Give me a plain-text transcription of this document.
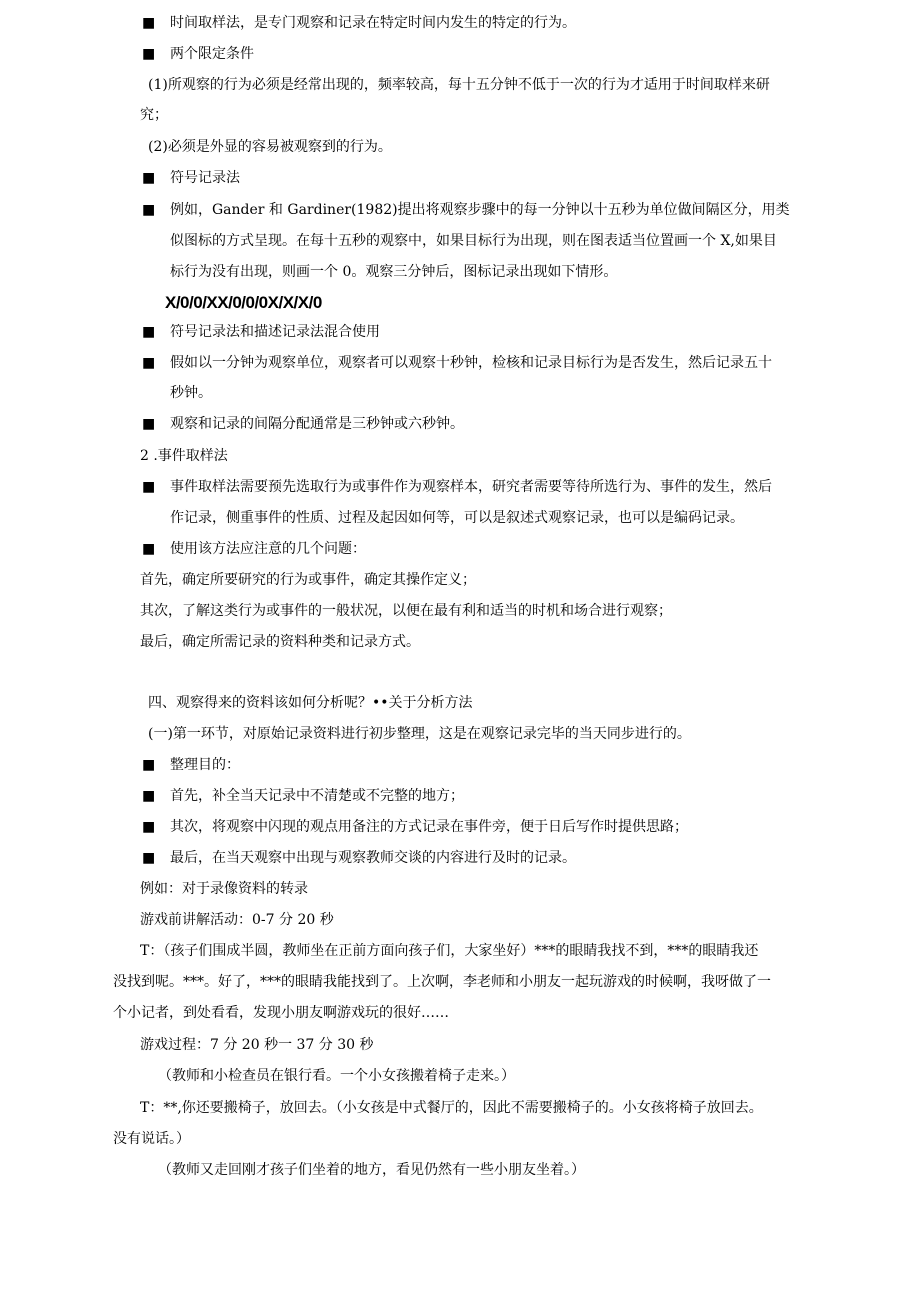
■ 时间取样法，是专门观察和记录在特定时间内发生的特定的行为。
■ 两个限定条件
(1)所观察的行为必须是经常出现的，频率较高，每十五分钟不低于一次的行为才适用于时间取样来研
究；
(2)必须是外显的容易被观察到的行为。
■ 符号记录法
■ 例如，Gander 和 Gardiner(1982)提出将观察步骤中的每一分钟以十五秒为单位做间隔区分，用类
似图标的方式呈现。在每十五秒的观察中，如果目标行为出现，则在图表适当位置画一个 X,如果目
标行为没有出现，则画一个 0。观察三分钟后，图标记录出现如下情形。
X/0/0/XX/0/0/0X/X/X/0
■ 符号记录法和描述记录法混合使用
■ 假如以一分钟为观察单位，观察者可以观察十秒钟，检核和记录目标行为是否发生，然后记录五十
秒钟。
■ 观察和记录的间隔分配通常是三秒钟或六秒钟。
2 .事件取样法
■ 事件取样法需要预先选取行为或事件作为观察样本，研究者需要等待所选行为、事件的发生，然后
作记录，侧重事件的性质、过程及起因如何等，可以是叙述式观察记录，也可以是编码记录。
■ 使用该方法应注意的几个问题：
首先，确定所要研究的行为或事件，确定其操作定义；
其次，了解这类行为或事件的一般状况，以便在最有利和适当的时机和场合进行观察；
最后，确定所需记录的资料种类和记录方式。
四、观察得来的资料该如何分析呢？••关于分析方法
(一)第一环节，对原始记录资料进行初步整理，这是在观察记录完毕的当天同步进行的。
■ 整理目的：
■ 首先，补全当天记录中不清楚或不完整的地方；
■ 其次，将观察中闪现的观点用备注的方式记录在事件旁，便于日后写作时提供思路；
■ 最后，在当天观察中出现与观察教师交谈的内容进行及时的记录。
例如：对于录像资料的转录
游戏前讲解活动：0-7 分 20 秒
T：（孩子们围成半圆，教师坐在正前方面向孩子们，大家坐好）***的眼睛我找不到，***的眼睛我还
没找到呢。***。好了，***的眼睛我能找到了。上次啊，李老师和小朋友一起玩游戏的时候啊，我呀做了一
个小记者，到处看看，发现小朋友啊游戏玩的很好……
游戏过程：7 分 20 秒一 37 分 30 秒
（教师和小检查员在银行看。一个小女孩搬着椅子走来。）
T：**,你还要搬椅子，放回去。（小女孩是中式餐厅的，因此不需要搬椅子的。小女孩将椅子放回去。
没有说话。）
（教师又走回刚才孩子们坐着的地方，看见仍然有一些小朋友坐着。）
